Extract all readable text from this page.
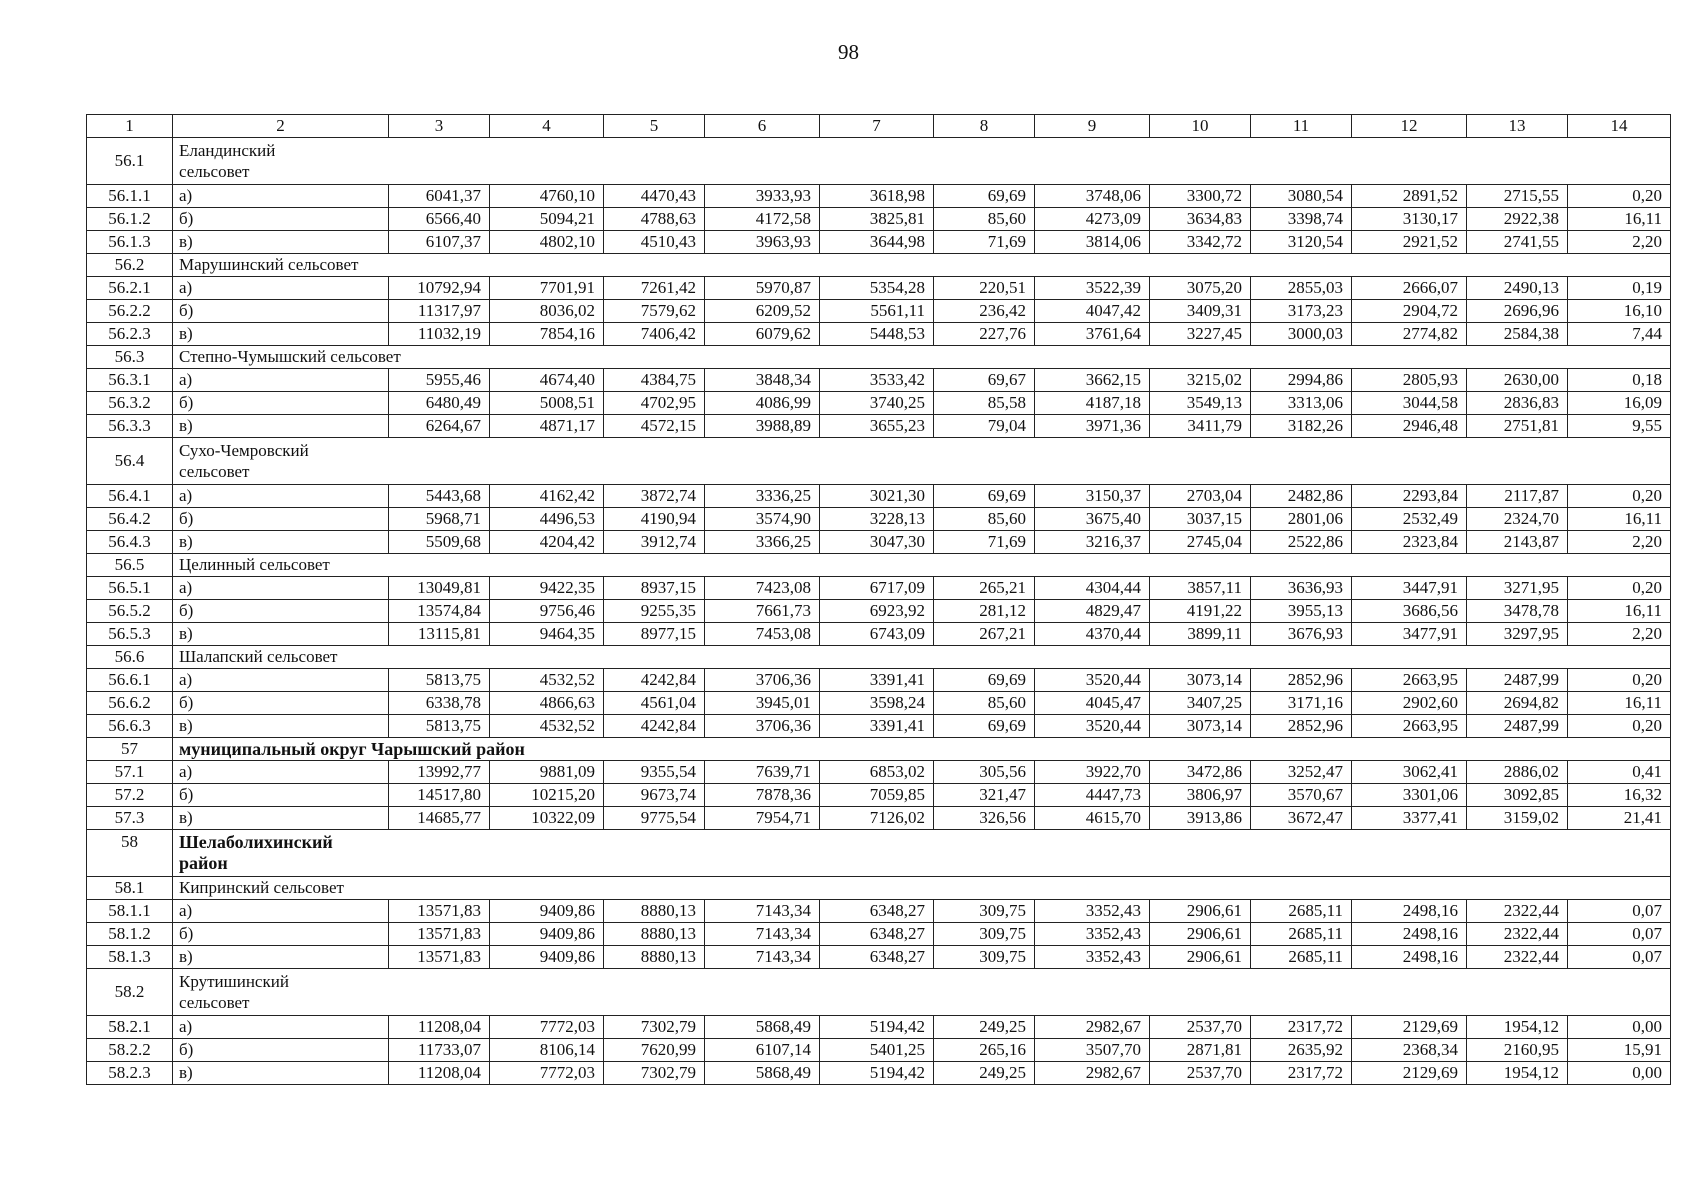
98
1	2	3	4	5	6	7	8	9	10	11	12	13	14
56.1	Еландинский сельсовет												
56.1.1	а)	6041,37	4760,10	4470,43	3933,93	3618,98	69,69	3748,06	3300,72	3080,54	2891,52	2715,55	0,20
56.1.2	б)	6566,40	5094,21	4788,63	4172,58	3825,81	85,60	4273,09	3634,83	3398,74	3130,17	2922,38	16,11
56.1.3	в)	6107,37	4802,10	4510,43	3963,93	3644,98	71,69	3814,06	3342,72	3120,54	2921,52	2741,55	2,20
56.2	Марушинский сельсовет												
56.2.1	а)	10792,94	7701,91	7261,42	5970,87	5354,28	220,51	3522,39	3075,20	2855,03	2666,07	2490,13	0,19
56.2.2	б)	11317,97	8036,02	7579,62	6209,52	5561,11	236,42	4047,42	3409,31	3173,23	2904,72	2696,96	16,10
56.2.3	в)	11032,19	7854,16	7406,42	6079,62	5448,53	227,76	3761,64	3227,45	3000,03	2774,82	2584,38	7,44
56.3	Степно-Чумышский сельсовет												
56.3.1	а)	5955,46	4674,40	4384,75	3848,34	3533,42	69,67	3662,15	3215,02	2994,86	2805,93	2630,00	0,18
56.3.2	б)	6480,49	5008,51	4702,95	4086,99	3740,25	85,58	4187,18	3549,13	3313,06	3044,58	2836,83	16,09
56.3.3	в)	6264,67	4871,17	4572,15	3988,89	3655,23	79,04	3971,36	3411,79	3182,26	2946,48	2751,81	9,55
56.4	Сухо-Чемровский сельсовет												
56.4.1	а)	5443,68	4162,42	3872,74	3336,25	3021,30	69,69	3150,37	2703,04	2482,86	2293,84	2117,87	0,20
56.4.2	б)	5968,71	4496,53	4190,94	3574,90	3228,13	85,60	3675,40	3037,15	2801,06	2532,49	2324,70	16,11
56.4.3	в)	5509,68	4204,42	3912,74	3366,25	3047,30	71,69	3216,37	2745,04	2522,86	2323,84	2143,87	2,20
56.5	Целинный сельсовет												
56.5.1	а)	13049,81	9422,35	8937,15	7423,08	6717,09	265,21	4304,44	3857,11	3636,93	3447,91	3271,95	0,20
56.5.2	б)	13574,84	9756,46	9255,35	7661,73	6923,92	281,12	4829,47	4191,22	3955,13	3686,56	3478,78	16,11
56.5.3	в)	13115,81	9464,35	8977,15	7453,08	6743,09	267,21	4370,44	3899,11	3676,93	3477,91	3297,95	2,20
56.6	Шалапский сельсовет												
56.6.1	а)	5813,75	4532,52	4242,84	3706,36	3391,41	69,69	3520,44	3073,14	2852,96	2663,95	2487,99	0,20
56.6.2	б)	6338,78	4866,63	4561,04	3945,01	3598,24	85,60	4045,47	3407,25	3171,16	2902,60	2694,82	16,11
56.6.3	в)	5813,75	4532,52	4242,84	3706,36	3391,41	69,69	3520,44	3073,14	2852,96	2663,95	2487,99	0,20
57	муниципальный округ Чарышский район												
57.1	а)	13992,77	9881,09	9355,54	7639,71	6853,02	305,56	3922,70	3472,86	3252,47	3062,41	2886,02	0,41
57.2	б)	14517,80	10215,20	9673,74	7878,36	7059,85	321,47	4447,73	3806,97	3570,67	3301,06	3092,85	16,32
57.3	в)	14685,77	10322,09	9775,54	7954,71	7126,02	326,56	4615,70	3913,86	3672,47	3377,41	3159,02	21,41
58	Шелаболихинский район												
58.1	Кипринский сельсовет												
58.1.1	а)	13571,83	9409,86	8880,13	7143,34	6348,27	309,75	3352,43	2906,61	2685,11	2498,16	2322,44	0,07
58.1.2	б)	13571,83	9409,86	8880,13	7143,34	6348,27	309,75	3352,43	2906,61	2685,11	2498,16	2322,44	0,07
58.1.3	в)	13571,83	9409,86	8880,13	7143,34	6348,27	309,75	3352,43	2906,61	2685,11	2498,16	2322,44	0,07
58.2	Крутишинский сельсовет												
58.2.1	а)	11208,04	7772,03	7302,79	5868,49	5194,42	249,25	2982,67	2537,70	2317,72	2129,69	1954,12	0,00
58.2.2	б)	11733,07	8106,14	7620,99	6107,14	5401,25	265,16	3507,70	2871,81	2635,92	2368,34	2160,95	15,91
58.2.3	в)	11208,04	7772,03	7302,79	5868,49	5194,42	249,25	2982,67	2537,70	2317,72	2129,69	1954,12	0,00
